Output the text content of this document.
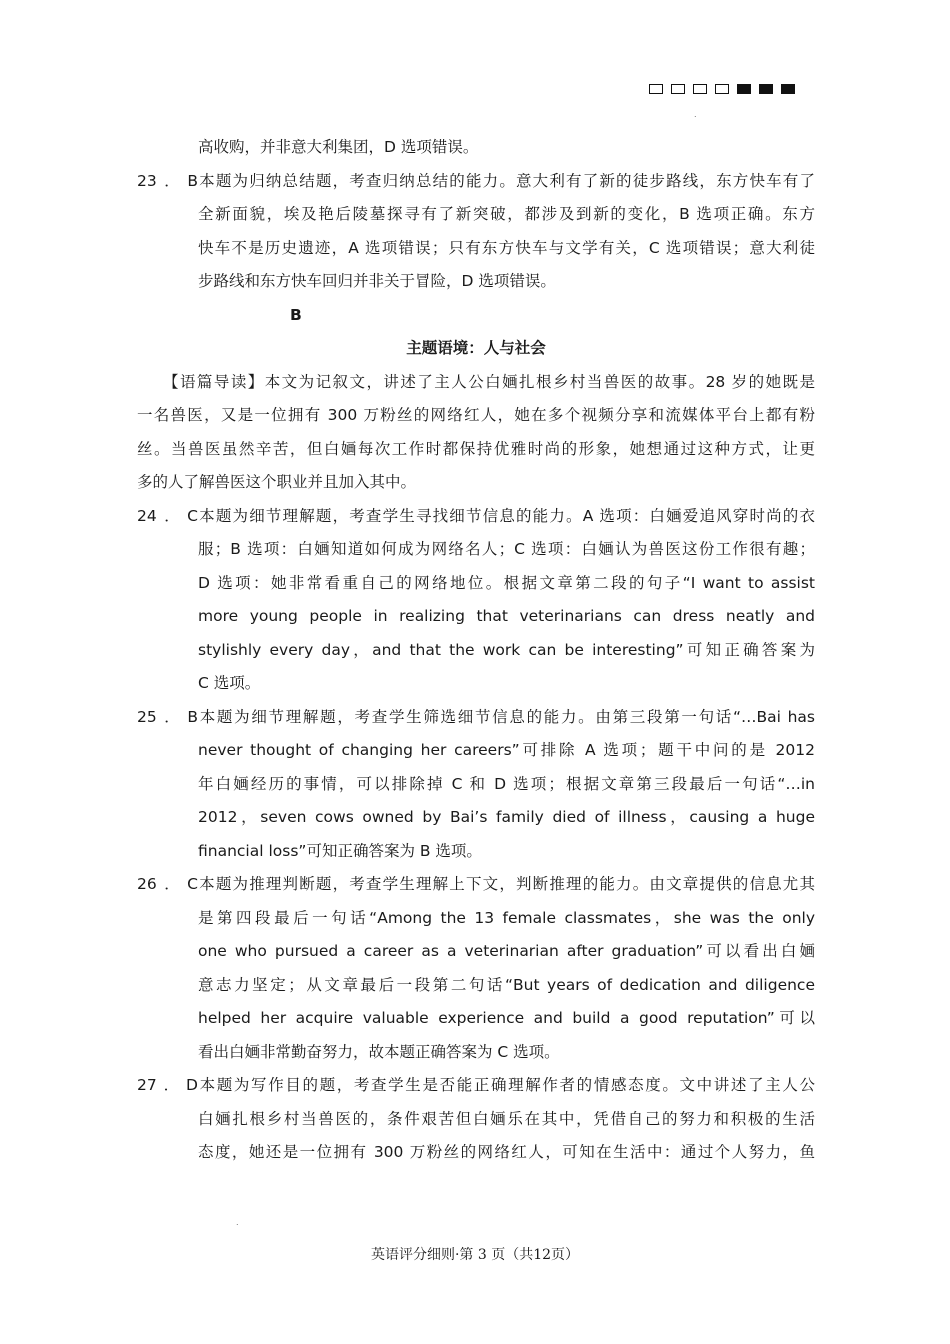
.
.
高收购，并非意大利集团，D 选项错误。
23．B本题为归纳总结题，考查归纳总结的能力。意大利有了新的徒步路线，东方快车有了
全新面貌，埃及艳后陵墓探寻有了新突破，都涉及到新的变化，B 选项正确。东方
快车不是历史遗迹，A 选项错误；只有东方快车与文学有关，C 选项错误；意大利徒
步路线和东方快车回归并非关于冒险，D 选项错误。
B
主题语境：人与社会
【语篇导读】本文为记叙文，讲述了主人公白婳扎根乡村当兽医的故事。28 岁的她既是
一名兽医，又是一位拥有 300 万粉丝的网络红人，她在多个视频分享和流媒体平台上都有粉
丝。当兽医虽然辛苦，但白婳每次工作时都保持优雅时尚的形象，她想通过这种方式，让更
多的人了解兽医这个职业并且加入其中。
24．C本题为细节理解题，考查学生寻找细节信息的能力。A 选项：白婳爱追风穿时尚的衣
服；B 选项：白婳知道如何成为网络名人；C 选项：白婳认为兽医这份工作很有趣；
D 选项：她非常看重自己的网络地位。根据文章第二段的句子“I want to assist
more young people in realizing that veterinarians can dress neatly and
stylishly every day，and that the work can be interesting”可知正确答案为
C 选项。
25．B本题为细节理解题，考查学生筛选细节信息的能力。由第三段第一句话“…Bai has
never thought of changing her careers”可排除 A 选项；题干中问的是 2012
年白婳经历的事情，可以排除掉 C 和 D 选项；根据文章第三段最后一句话“…in
2012，seven cows owned by Bai’s family died of illness，causing a huge
financial loss”可知正确答案为 B 选项。
26．C本题为推理判断题，考查学生理解上下文，判断推理的能力。由文章提供的信息尤其
是第四段最后一句话“Among the 13 female classmates，she was the only
one who pursued a career as a veterinarian after graduation”可以看出白婳
意志力坚定；从文章最后一段第二句话“But years of dedication and diligence
helped her acquire valuable experience and build a good reputation”可以
看出白婳非常勤奋努力，故本题正确答案为 C 选项。
27．D本题为写作目的题，考查学生是否能正确理解作者的情感态度。文中讲述了主人公
白婳扎根乡村当兽医的，条件艰苦但白婳乐在其中，凭借自己的努力和积极的生活
态度，她还是一位拥有 300 万粉丝的网络红人，可知在生活中：通过个人努力，鱼
英语评分细则·第 3 页（共12页）
